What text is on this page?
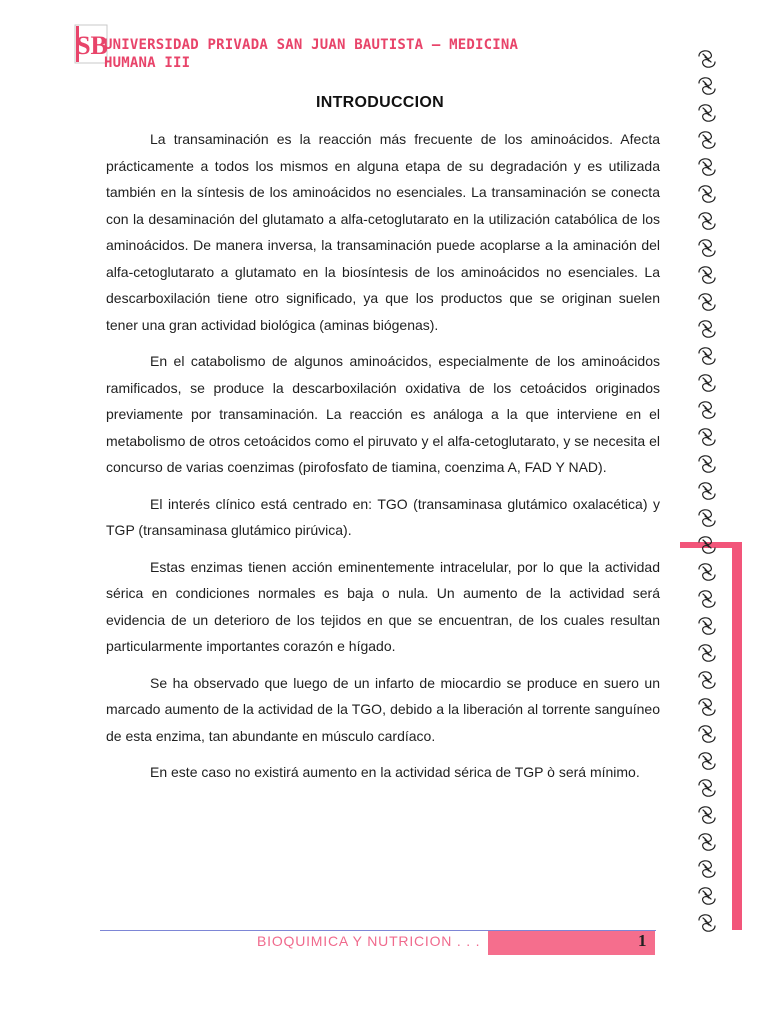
SB
UNIVERSIDAD PRIVADA SAN JUAN BAUTISTA – MEDICINA HUMANA III
INTRODUCCION

La transaminación es la reacción más frecuente de los aminoácidos. Afecta prácticamente a todos los mismos en alguna etapa de su degradación y es utilizada también en la síntesis de los aminoácidos no esenciales. La transaminación se conecta con la desaminación del glutamato a alfa-cetoglutarato en la utilización catabólica de los aminoácidos. De manera inversa, la transaminación puede acoplarse a la aminación del alfa-cetoglutarato a glutamato en la biosíntesis de los aminoácidos no esenciales. La descarboxilación tiene otro significado, ya que los productos que se originan suelen tener una gran actividad biológica (aminas biógenas).

En el catabolismo de algunos aminoácidos, especialmente de los aminoácidos ramificados, se produce la descarboxilación oxidativa de los cetoácidos originados previamente por transaminación. La reacción es análoga a la que interviene en el metabolismo de otros cetoácidos como el piruvato y el alfa-cetoglutarato, y se necesita el concurso de varias coenzimas (pirofosfato de tiamina, coenzima A, FAD Y NAD).

El interés clínico está centrado en: TGO (transaminasa glutámico oxalacética) y TGP (transaminasa glutámico pirúvica).

Estas enzimas tienen acción eminentemente intracelular, por lo que la actividad sérica en condiciones normales es baja o nula. Un aumento de la actividad será evidencia de un deterioro de los tejidos en que se encuentran, de los cuales resultan particularmente importantes corazón e hígado.

Se ha observado que luego de un infarto de miocardio se produce en suero un marcado aumento de la actividad de la TGO, debido a la liberación al torrente sanguíneo de esta enzima, tan abundante en músculo cardíaco.

En este caso no existirá aumento en la actividad sérica de TGP ò será mínimo.

BIOQUIMICA Y NUTRICION . . .	1
